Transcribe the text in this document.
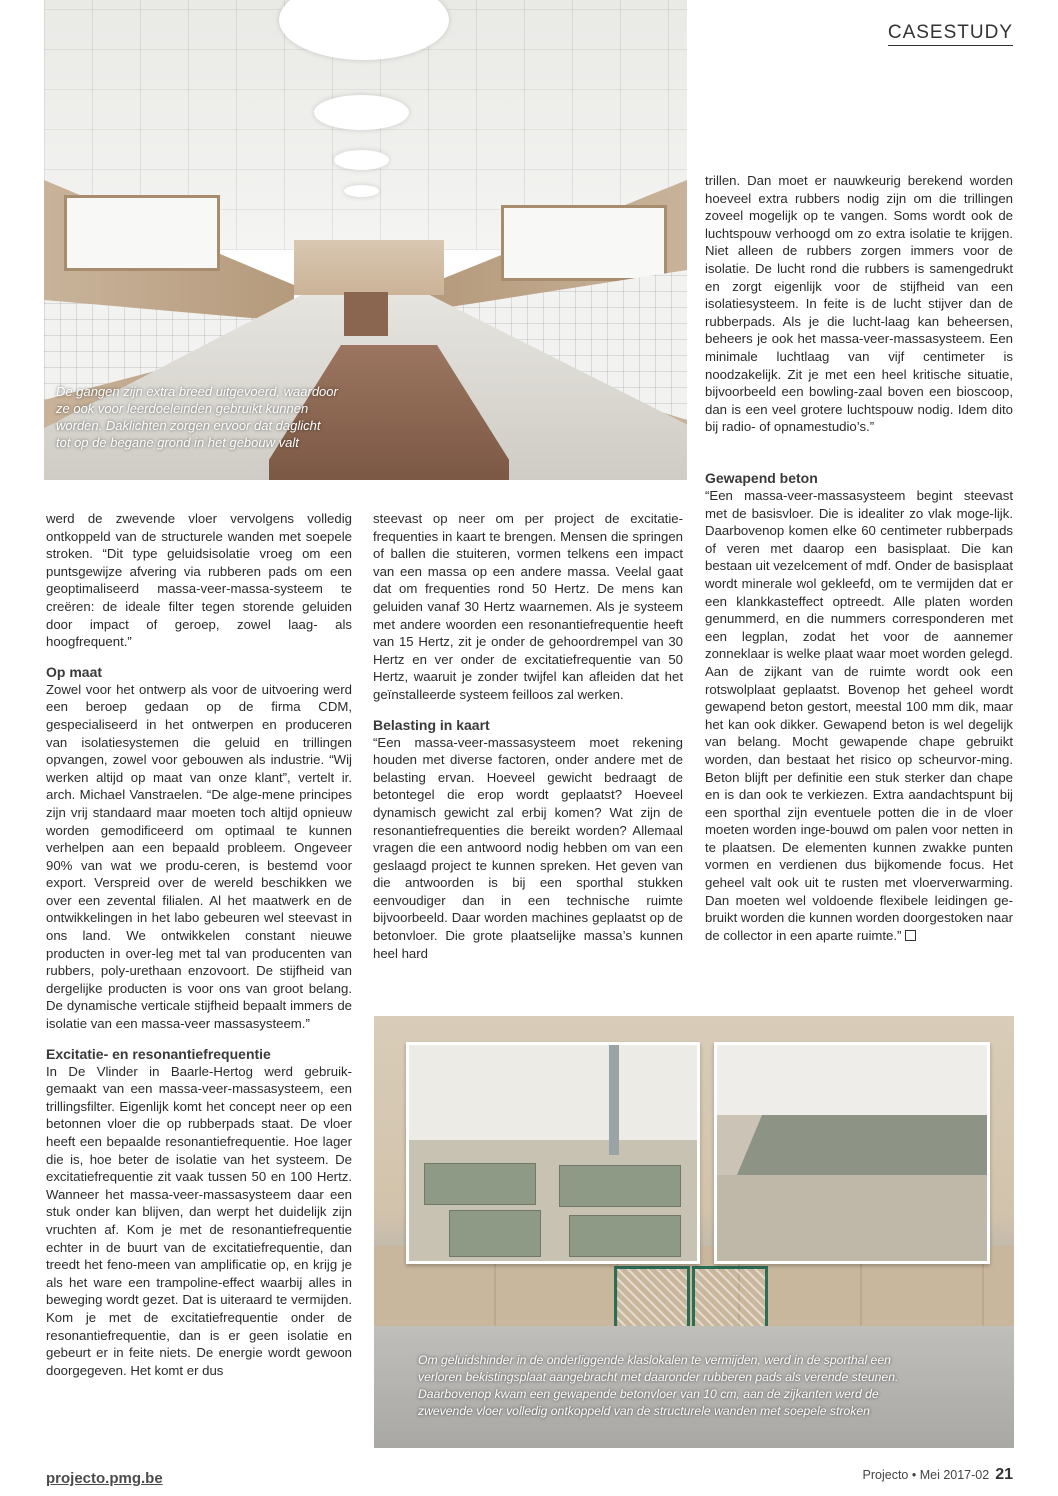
CASESTUDY
De gangen zijn extra breed uitgevoerd, waardoor
ze ook voor leerdoeleinden gebruikt kunnen
worden. Daklichten zorgen ervoor dat daglicht
tot op de begane grond in het gebouw valt

werd de zwevende vloer vervolgens volledig ontkoppeld van de structurele wanden met soepele stroken. “Dit type geluidsisolatie vroeg om een puntsgewijze afvering via rubberen pads om een geoptimaliseerd massa-veer-massa-systeem te creëren: de ideale filter tegen storende geluiden door impact of geroep, zowel laag- als hoogfrequent.”

Op maat

Zowel voor het ontwerp als voor de uitvoering werd een beroep gedaan op de firma CDM, gespecialiseerd in het ontwerpen en produceren van isolatiesystemen die geluid en trillingen opvangen, zowel voor gebouwen als industrie. “Wij werken altijd op maat van onze klant”, vertelt ir. arch. Michael Vanstraelen. “De alge-mene principes zijn vrij standaard maar moeten toch altijd opnieuw worden gemodificeerd om optimaal te kunnen verhelpen aan een bepaald probleem. Ongeveer 90% van wat we produ-ceren, is bestemd voor export. Verspreid over de wereld beschikken we over een zevental filialen. Al het maatwerk en de ontwikkelingen in het labo gebeuren wel steevast in ons land. We ontwikkelen constant nieuwe producten in over-leg met tal van producenten van rubbers, poly-urethaan enzovoort. De stijfheid van dergelijke producten is voor ons van groot belang. De dynamische verticale stijfheid bepaalt immers de isolatie van een massa-veer massasysteem.”

Excitatie- en resonantiefrequentie

In De Vlinder in Baarle-Hertog werd gebruik-gemaakt van een massa-veer-massasysteem, een trillingsfilter. Eigenlijk komt het concept neer op een betonnen vloer die op rubberpads staat. De vloer heeft een bepaalde resonantiefrequentie. Hoe lager die is, hoe beter de isolatie van het systeem. De excitatiefrequentie zit vaak tussen 50 en 100 Hertz. Wanneer het massa-veer-massasysteem daar een stuk onder kan blijven, dan werpt het duidelijk zijn vruchten af. Kom je met de resonantiefrequentie echter in de buurt van de excitatiefrequentie, dan treedt het feno-meen van amplificatie op, en krijg je als het ware een trampoline-effect waarbij alles in beweging wordt gezet. Dat is uiteraard te vermijden. Kom je met de excitatiefrequentie onder de resonantiefrequentie, dan is er geen isolatie en gebeurt er in feite niets. De energie wordt gewoon doorgegeven. Het komt er dus

steevast op neer om per project de excitatie-frequenties in kaart te brengen. Mensen die springen of ballen die stuiteren, vormen telkens een impact van een massa op een andere massa. Veelal gaat dat om frequenties rond 50 Hertz. De mens kan geluiden vanaf 30 Hertz waarnemen. Als je systeem met andere woorden een resonantiefrequentie heeft van 15 Hertz, zit je onder de gehoordrempel van 30 Hertz en ver onder de excitatiefrequentie van 50 Hertz, waaruit je zonder twijfel kan afleiden dat het geïnstalleerde systeem feilloos zal werken.

Belasting in kaart

“Een massa-veer-massasysteem moet rekening houden met diverse factoren, onder andere met de belasting ervan. Hoeveel gewicht bedraagt de betontegel die erop wordt geplaatst? Hoeveel dynamisch gewicht zal erbij komen? Wat zijn de resonantiefrequenties die bereikt worden? Allemaal vragen die een antwoord nodig hebben om van een geslaagd project te kunnen spreken. Het geven van die antwoorden is bij een sporthal stukken eenvoudiger dan in een technische ruimte bijvoorbeeld. Daar worden machines geplaatst op de betonvloer. Die grote plaatselijke massa’s kunnen heel hard

trillen. Dan moet er nauwkeurig berekend worden hoeveel extra rubbers nodig zijn om die trillingen zoveel mogelijk op te vangen. Soms wordt ook de luchtspouw verhoogd om zo extra isolatie te krijgen. Niet alleen de rubbers zorgen immers voor de isolatie. De lucht rond die rubbers is samengedrukt en zorgt eigenlijk voor de stijfheid van een isolatiesysteem. In feite is de lucht stijver dan de rubberpads. Als je die lucht-laag kan beheersen, beheers je ook het massa-veer-massasysteem. Een minimale luchtlaag van vijf centimeter is noodzakelijk. Zit je met een heel kritische situatie, bijvoorbeeld een bowling-zaal boven een bioscoop, dan is een veel grotere luchtspouw nodig. Idem dito bij radio- of opnamestudio’s.”

Gewapend beton

“Een massa-veer-massasysteem begint steevast met de basisvloer. Die is idealiter zo vlak moge-lijk. Daarbovenop komen elke 60 centimeter rubberpads of veren met daarop een basisplaat. Die kan bestaan uit vezelcement of mdf. Onder de basisplaat wordt minerale wol gekleefd, om te vermijden dat er een klankkasteffect optreedt. Alle platen worden genummerd, en die nummers corresponderen met een legplan, zodat het voor de aannemer zonneklaar is welke plaat waar moet worden gelegd. Aan de zijkant van de ruimte wordt ook een rotswolplaat geplaatst. Bovenop het geheel wordt gewapend beton gestort, meestal 100 mm dik, maar het kan ook dikker. Gewapend beton is wel degelijk van belang. Mocht gewapende chape gebruikt worden, dan bestaat het risico op scheurvor-ming. Beton blijft per definitie een stuk sterker dan chape en is dan ook te verkiezen. Extra aandachtspunt bij een sporthal zijn eventuele potten die in de vloer moeten worden inge-bouwd om palen voor netten in te plaatsen. De elementen kunnen zwakke punten vormen en verdienen dus bijkomende focus. Het geheel valt ook uit te rusten met vloerverwarming. Dan moeten wel voldoende flexibele leidingen ge-bruikt worden die kunnen worden doorgestoken naar de collector in een aparte ruimte.”

Om geluidshinder in de onderliggende klaslokalen te vermijden, werd in de sporthal een
verloren bekistingsplaat aangebracht met daaronder rubberen pads als verende steunen.
Daarbovenop kwam een gewapende betonvloer van 10 cm, aan de zijkanten werd de
zwevende vloer volledig ontkoppeld van de structurele wanden met soepele stroken
projecto.pmg.be	Projecto • Mei 2017-02 21
